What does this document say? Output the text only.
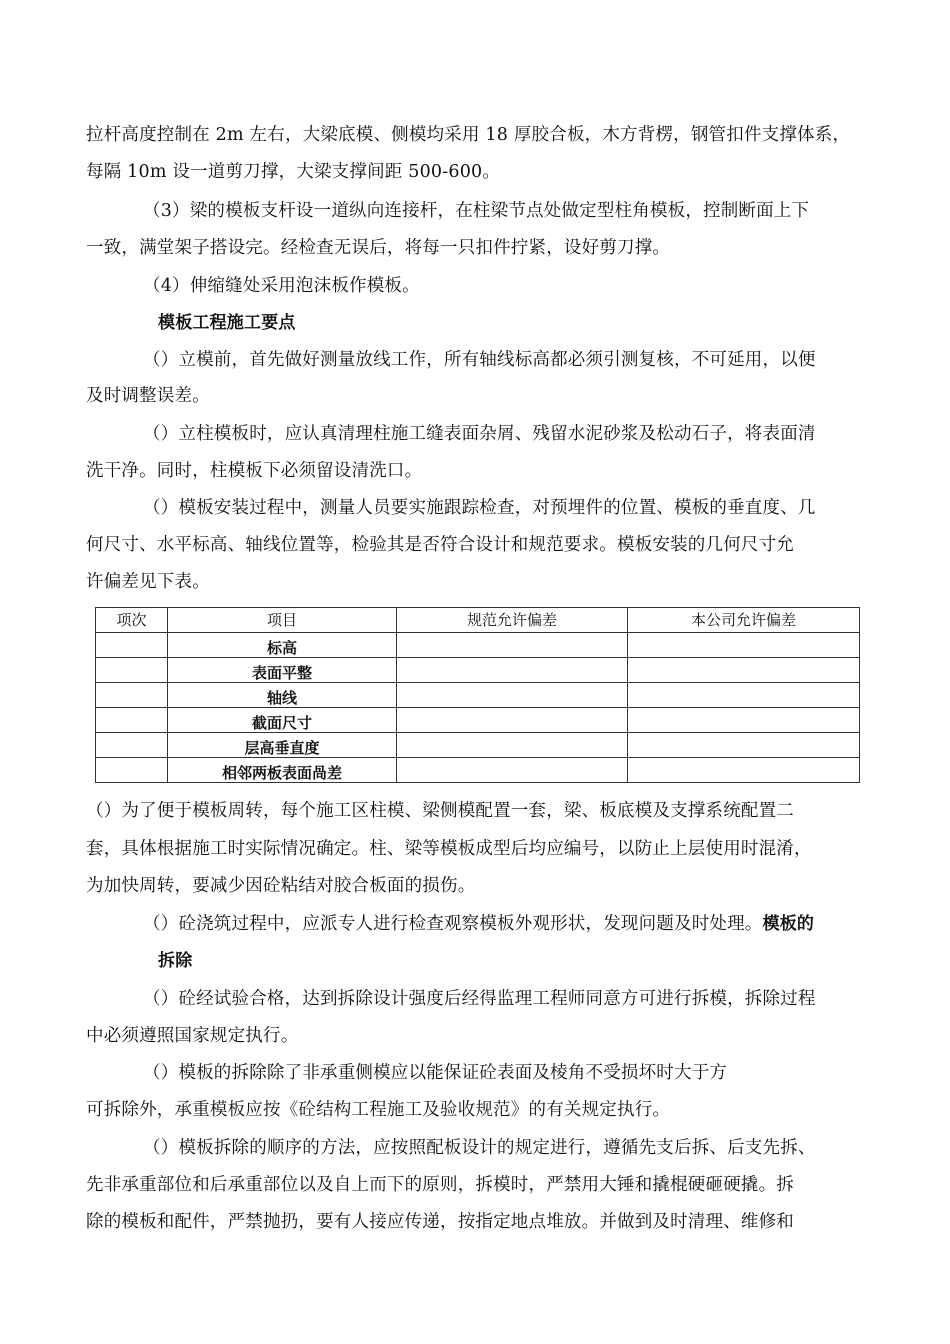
拉杆高度控制在 2m 左右，大梁底模、侧模均采用 18 厚胶合板，木方背楞，钢管扣件支撑体系，
每隔 10m 设一道剪刀撑，大梁支撑间距 500-600。
（3）梁的模板支杆设一道纵向连接杆，在柱梁节点处做定型柱角模板，控制断面上下
一致，满堂架子搭设完。经检查无误后，将每一只扣件拧紧，设好剪刀撑。
（4）伸缩缝处采用泡沫板作模板。
模板工程施工要点
（）立模前，首先做好测量放线工作，所有轴线标高都必须引测复核，不可延用，以便
及时调整误差。
（）立柱模板时，应认真清理柱施工缝表面杂屑、残留水泥砂浆及松动石子，将表面清
洗干净。同时，柱模板下必须留设清洗口。
（）模板安装过程中，测量人员要实施跟踪检查，对预埋件的位置、模板的垂直度、几
何尺寸、水平标高、轴线位置等，检验其是否符合设计和规范要求。模板安装的几何尺寸允
许偏差见下表。
（）为了便于模板周转，每个施工区柱模、梁侧模配置一套，梁、板底模及支撑系统配置二
套，具体根据施工时实际情况确定。柱、梁等模板成型后均应编号，以防止上层使用时混淆，
为加快周转，要减少因砼粘结对胶合板面的损伤。
（）砼浇筑过程中，应派专人进行检查观察模板外观形状，发现问题及时处理。模板的
拆除
（）砼经试验合格，达到拆除设计强度后经得监理工程师同意方可进行拆模，拆除过程
中必须遵照国家规定执行。
（）模板的拆除除了非承重侧模应以能保证砼表面及棱角不受损坏时大于方
可拆除外，承重模板应按《砼结构工程施工及验收规范》的有关规定执行。
（）模板拆除的顺序的方法，应按照配板设计的规定进行，遵循先支后拆、后支先拆、
先非承重部位和后承重部位以及自上而下的原则，拆模时，严禁用大锤和撬棍硬砸硬撬。拆
除的模板和配件，严禁抛扔，要有人接应传递，按指定地点堆放。并做到及时清理、维修和
项次	项目	规范允许偏差	本公司允许偏差
	标高		
	表面平整		
	轴线		
	截面尺寸		
	层高垂直度		
	相邻两板表面咼差		
